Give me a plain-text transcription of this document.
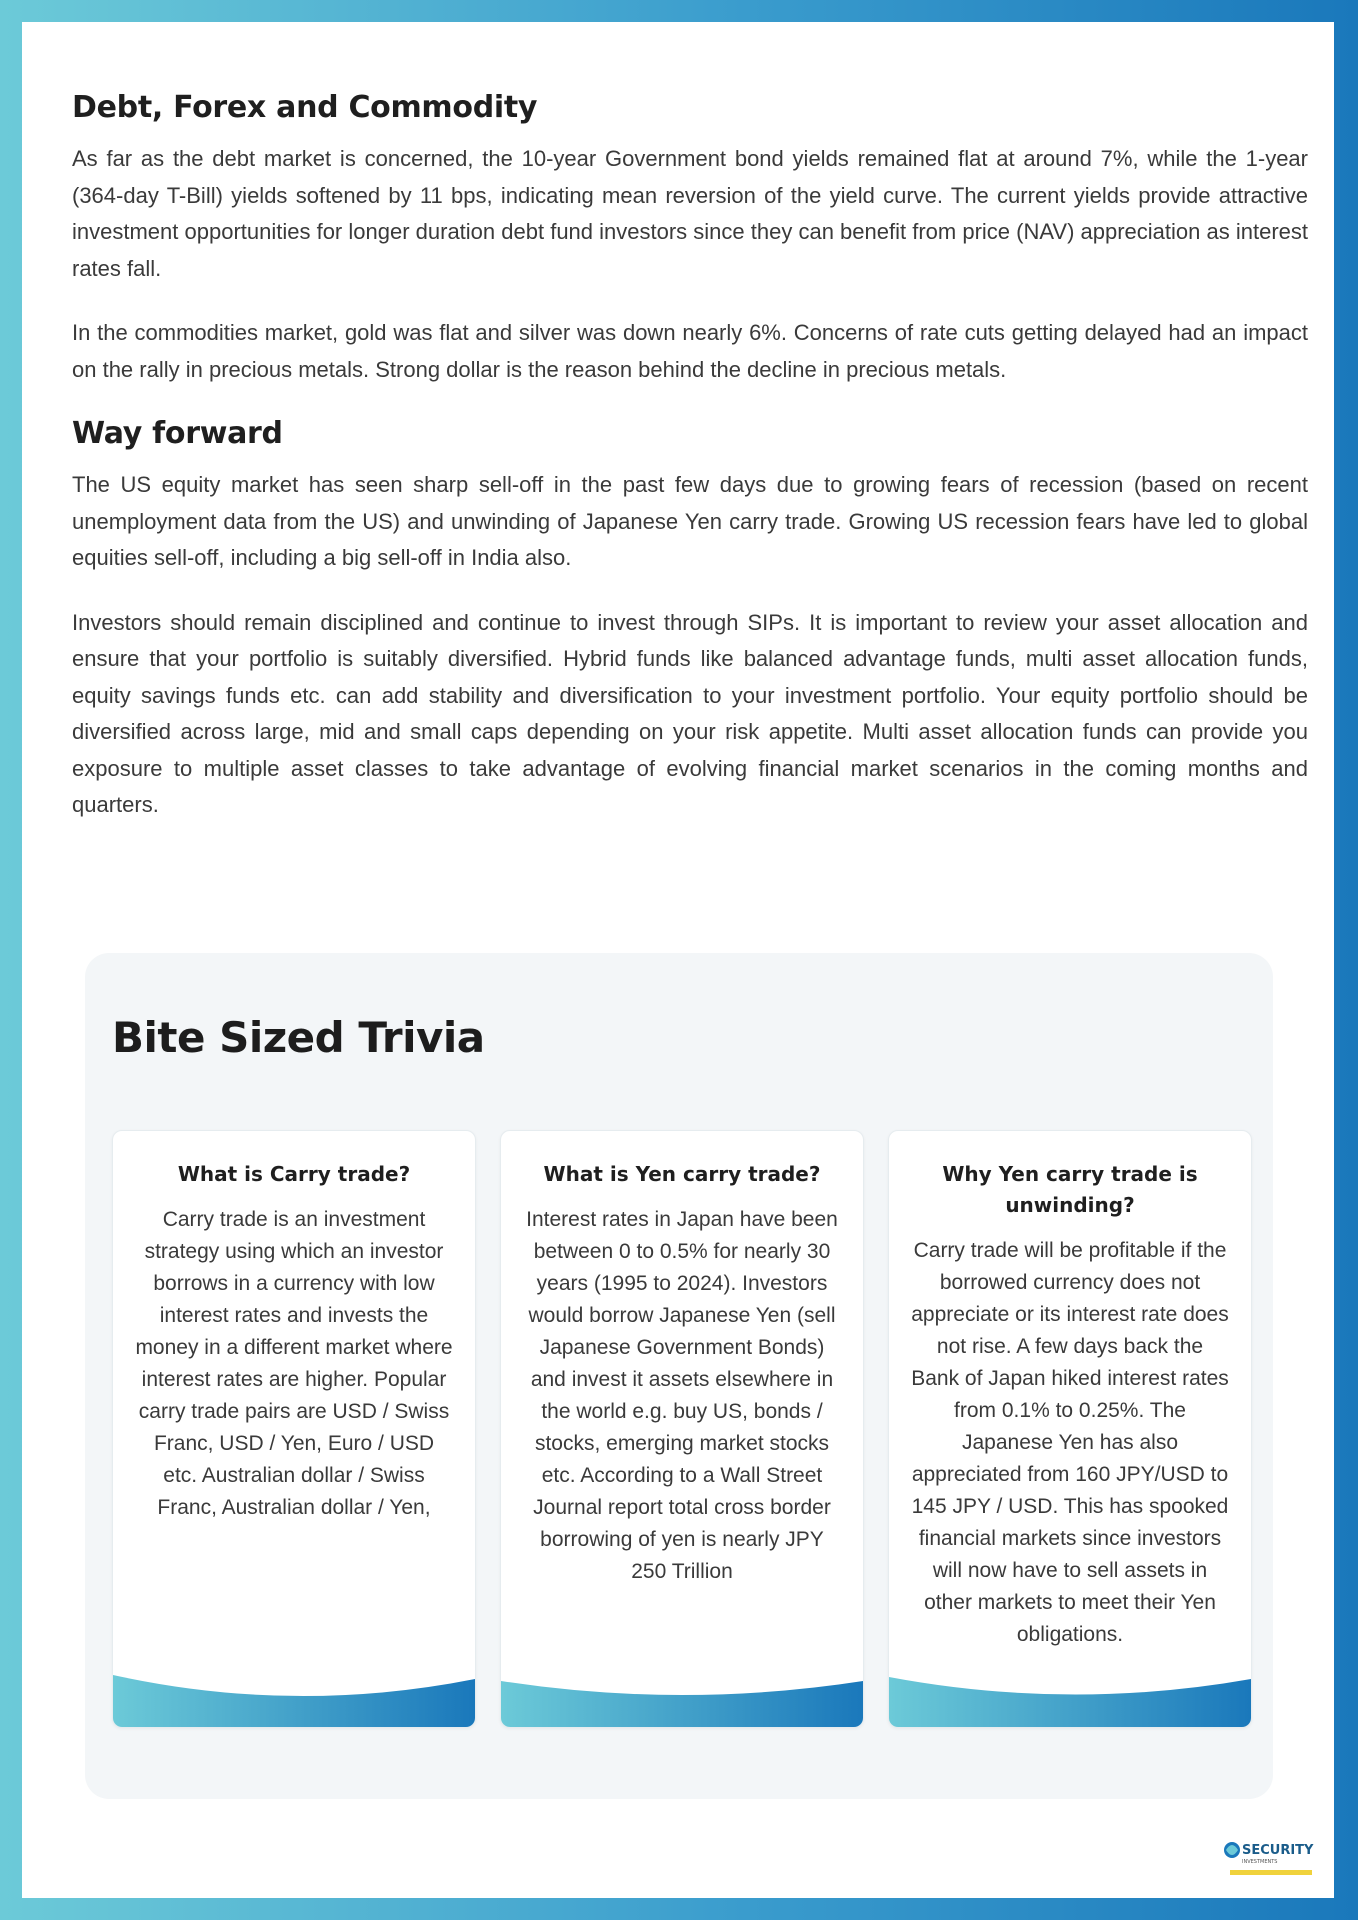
Debt, Forex and Commodity

As far as the debt market is concerned, the 10-year Government bond yields remained flat at around 7%, while the 1-year (364-day T-Bill) yields softened by 11 bps, indicating mean reversion of the yield curve. The current yields provide attractive investment opportunities for longer duration debt fund investors since they can benefit from price (NAV) appreciation as interest rates fall.

In the commodities market, gold was flat and silver was down nearly 6%. Concerns of rate cuts getting delayed had an impact on the rally in precious metals. Strong dollar is the reason behind the decline in precious metals.

Way forward

The US equity market has seen sharp sell-off in the past few days due to growing fears of recession (based on recent unemployment data from the US) and unwinding of Japanese Yen carry trade. Growing US recession fears have led to global equities sell-off, including a big sell-off in India also.

Investors should remain disciplined and continue to invest through SIPs. It is important to review your asset allocation and ensure that your portfolio is suitably diversified. Hybrid funds like balanced advantage funds, multi asset allocation funds, equity savings funds etc. can add stability and diversification to your investment portfolio. Your equity portfolio should be diversified across large, mid and small caps depending on your risk appetite. Multi asset allocation funds can provide you exposure to multiple asset classes to take advantage of evolving financial market scenarios in the coming months and quarters.

Bite Sized Trivia
What is Carry trade?

Carry trade is an investment strategy using which an investor borrows in a currency with low interest rates and invests the money in a different market where interest rates are higher. Popular carry trade pairs are USD / Swiss Franc, USD / Yen, Euro / USD etc. Australian dollar / Swiss Franc, Australian dollar / Yen,

What is Yen carry trade?

Interest rates in Japan have been between 0 to 0.5% for nearly 30 years (1995 to 2024). Investors would borrow Japanese Yen (sell Japanese Government Bonds) and invest it assets elsewhere in the world e.g. buy US, bonds / stocks, emerging market stocks etc. According to a Wall Street Journal report total cross border borrowing of yen is nearly JPY 250 Trillion

Why Yen carry trade is unwinding?

Carry trade will be profitable if the borrowed currency does not appreciate or its interest rate does not rise. A few days back the Bank of Japan hiked interest rates from 0.1% to 0.25%. The Japanese Yen has also appreciated from 160 JPY/USD to 145 JPY / USD. This has spooked financial markets since investors will now have to sell assets in other markets to meet their Yen obligations.

SECURITY
INVESTMENTS
